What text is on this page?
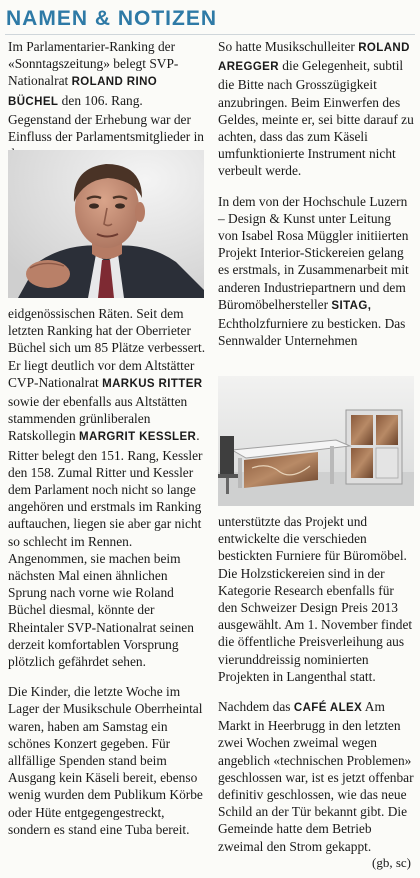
NAMEN & NOTIZEN

Im Parlamentarier-Ranking der «Sonntagszeitung» belegt SVP-Nationalrat ROLAND RINO BÜCHEL den 106. Rang. Gegenstand der Erhebung war der Einfluss der Parlamentsmitglieder in

eidgenössischen Räten. Seit dem letzten Ranking hat der Oberrieter Büchel sich um 85 Plätze verbessert. Er liegt deutlich vor dem Altstätter CVP-Nationalrat MARKUS RITTER sowie der ebenfalls aus Altstätten stammenden grünliberalen Ratskollegin MARGRIT KESSLER. Ritter belegt den 151. Rang, Kessler den 158. Zumal Ritter und Kessler dem Parlament noch nicht so lange angehören und erstmals im Ranking auftauchen, liegen sie aber gar nicht so schlecht im Rennen. Angenommen, sie machen beim nächsten Mal einen ähnlichen Sprung nach vorne wie Roland Büchel diesmal, könnte der Rheintaler SVP-Nationalrat seinen derzeit komfortablen Vorsprung plötzlich gefährdet sehen.

Die Kinder, die letzte Woche im Lager der Musikschule Oberrheintal waren, haben am Samstag ein schönes Konzert gegeben. Für allfällige Spenden stand beim Ausgang kein Käseli bereit, ebenso wenig wurden dem Publikum Körbe oder Hüte entgegengestreckt, sondern es stand eine Tuba bereit.

So hatte Musikschulleiter ROLAND AREGGER die Gelegenheit, subtil die Bitte nach Grosszügigkeit anzubringen. Beim Einwerfen des Geldes, meinte er, sei bitte darauf zu achten, dass das zum Käseli umfunktionierte Instrument nicht verbeult werde.

In dem von der Hochschule Luzern – Design & Kunst unter Leitung von Isabel Rosa Müggler initiierten Projekt Interior-Stickereien gelang es erstmals, in Zusammenarbeit mit anderen Industriepartnern und dem Büromöbelhersteller SITAG, Echtholzfurniere zu besticken. Das Sennwalder Unternehmen

unterstützte das Projekt und entwickelte die verschieden bestickten Furniere für Büromöbel. Die Holzstickereien sind in der Kategorie Research ebenfalls für den Schweizer Design Preis 2013 ausgewählt. Am 1. November findet die öffentliche Preisverleihung aus vierunddreissig nominierten Projekten in Langenthal statt.

Nachdem das CAFÉ ALEX Am Markt in Heerbrugg in den letzten zwei Wochen zweimal wegen angeblich «technischen Problemen» geschlossen war, ist es jetzt offenbar definitiv geschlossen, wie das neue Schild an der Tür bekannt gibt. Die Gemeinde hatte dem Betrieb zweimal den Strom gekappt.

(gb, sc)
